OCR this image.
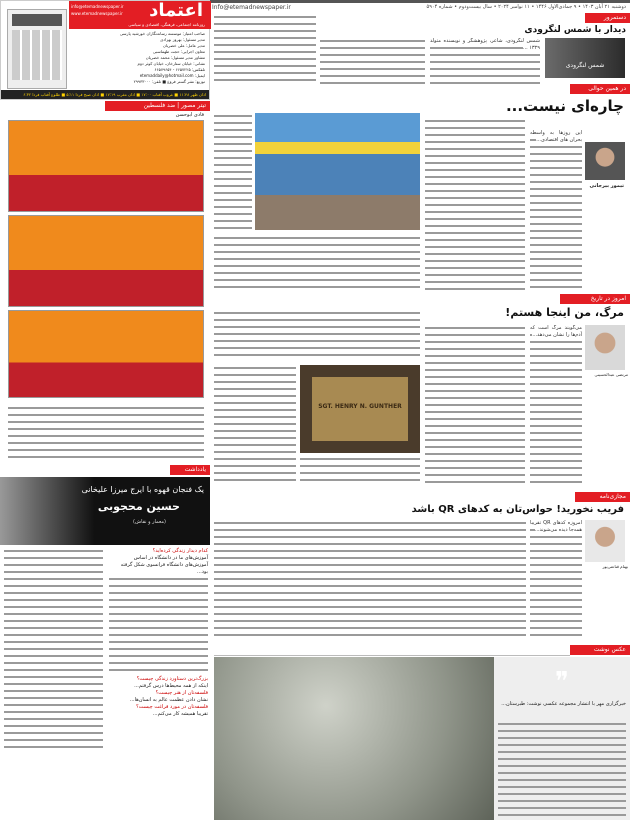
Info@etemadnewspaper.ir	دوشنبه ۲۱ آبان ۱۴۰۳ • ۹ جمادی‌الاول ۱۴۴۶ • ۱۱ نوامبر ۲۰۲۴ • سال بیست‌ودوم • شماره ۵۹۰۴
اعتماد
info@etemadnewspaper.ir
www.etemadnewspaper.ir
روزنامه اجتماعی، فرهنگی، اقتصادی و سیاسی
صاحب امتیاز: موسسه رسانه‌نگاران خورشید پارسی
مدیر مسئول: بهروز بهزادی
مدیر عامل: علی خضریان
معاون اجرایی: حجت طهماسبی
مشاور مدیر مسئول: محمد خضریان
نشانی: خیابان ستارخان، خیابان کوثر دوم
تلفکس: ۶۶۵۷۲۲۵ - ۶۶۵۷۹۶۵۴
ایمیل: etemaddaily@hotmail.com
توزیع: نشر گستر فروغ ■ تلفن: ۲۹۹۳۳۰۰۰
اذان ظهر ۱۱:۴۸ ■ غروب آفتاب ۱۷:۰۰ ■ اذان مغرب ۱۷:۱۹ ■ اذان صبح فردا ۵:۱۱ ■ طلوع آفتاب فردا ۶:۳۲
تیتر مصور | ضد فلسطین
فادی ابوحسن
دستمرور
دیدار با شمس لنگرودی
شمس لنگرودی
شمس لنگرودی، شاعر، پژوهشگر و نویسنده متولد ۱۳۲۹ ...
در همین حوالی
چاره‌ای نیست...
تیمور بیرجانی
این روزها به واسطه بحران های اقتصادی...
امروز در تاریخ
مرگ، من اینجا هستم!
مرتضی عبدالحسینی
می‌گویند مرگ است که آدم‌ها را نشان می‌دهد...
SGT. HENRY N. GUNTHER
یادداشت
یک فنجان قهوه با ایرج میرزا علیخانی
حسین محجوبی
(معمار و نقاش)
کدام دیدار زندگی کرده‌اید؟
آموزش‌های ما در دانشگاه در اساس آموزش‌های دانشگاه فرانسوی شکل گرفته بود...
بزرگ‌ترین دستاورد زندگی چیست؟
اینکه از همه محیط‌ها درس گرفتم...
فلسفه‌تان از هنر چیست؟
نشان دادن عظمت عالم به انسان‌ها...
فلسفه‌تان در مورد فراغت چیست؟
تقریبا همیشه کار می‌کنم...
مجازی‌نامه
فریب نخورید! حواس‌تان به کدهای QR باشد
بهنام قناعتی‌پور
امروزه کدهای QR تقریبا همه‌جا دیده می‌شوند...
عکس نوشت
❞
خبرگزاری مهر با انتشار مجموعه عکسی نوشت: طبرستان...
